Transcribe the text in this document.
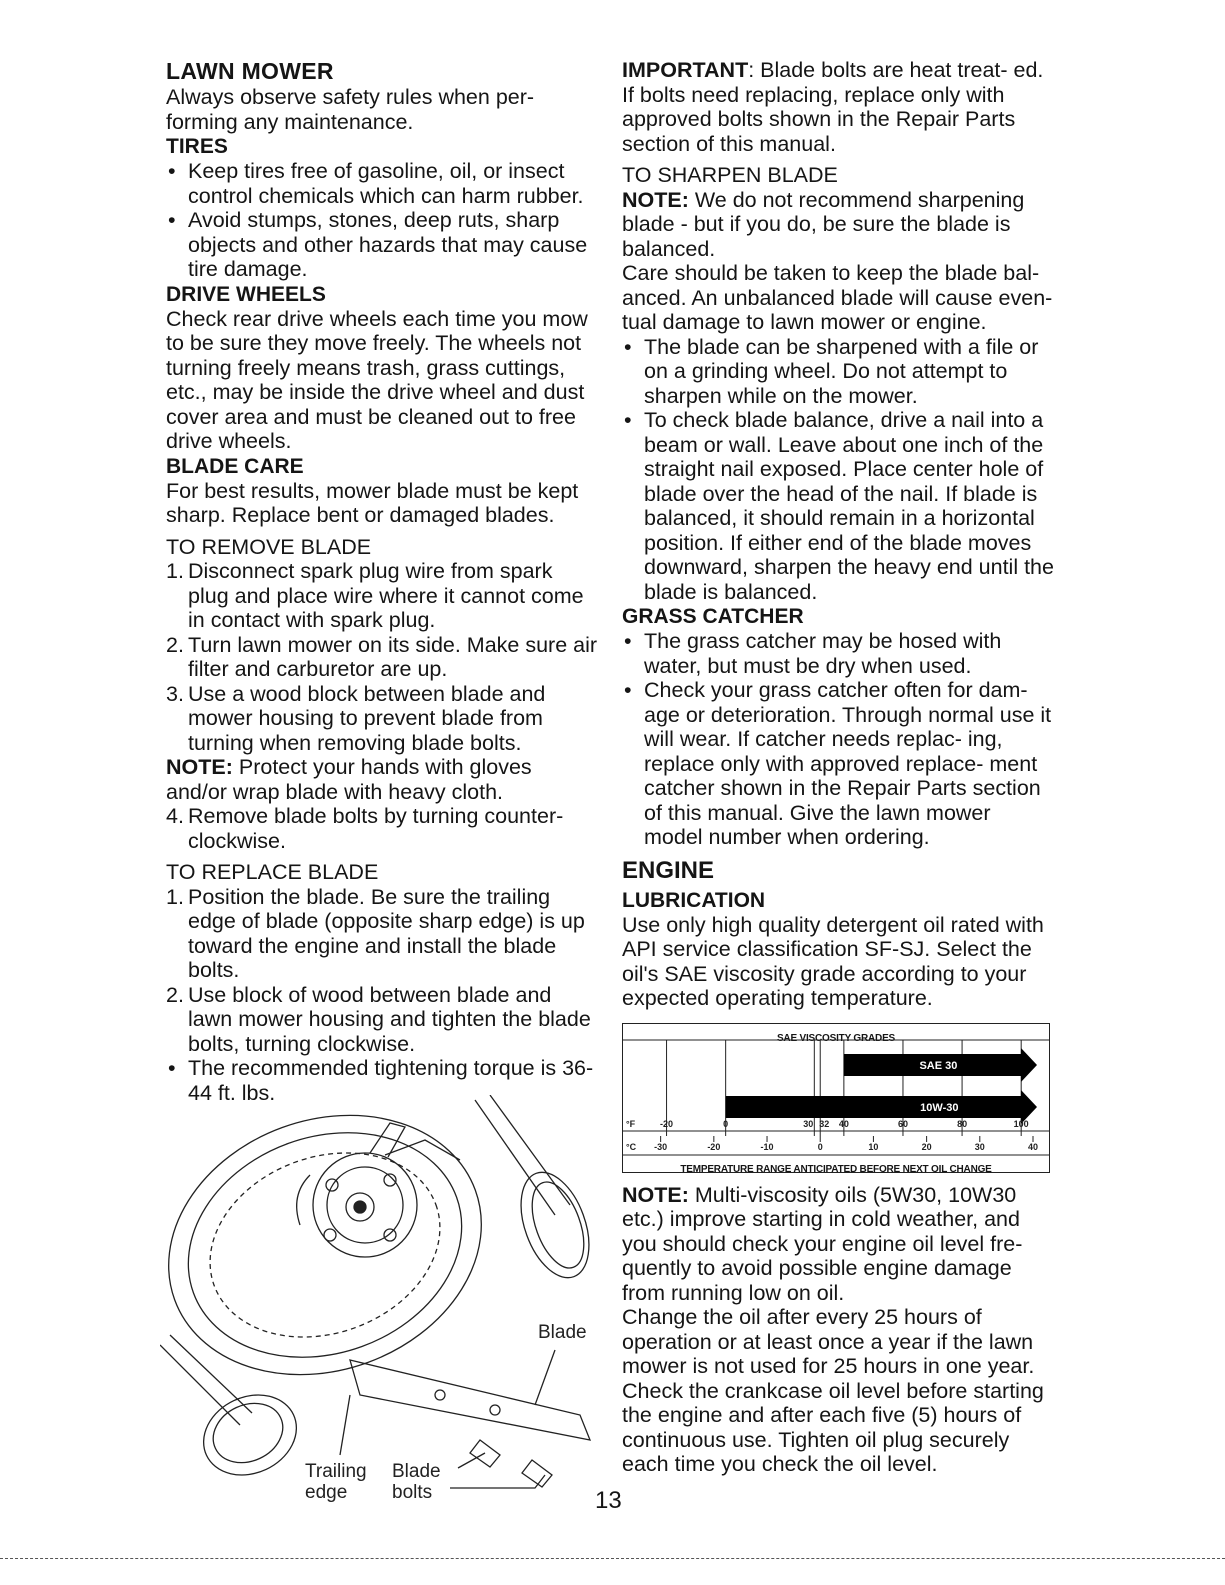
LAWN MOWER

Always observe safety rules when per- forming any maintenance.

TIRES

• Keep tires free of gasoline, oil, or insect control chemicals which can harm rubber.
• Avoid stumps, stones, deep ruts, sharp objects and other hazards that may cause tire damage.

DRIVE WHEELS

Check rear drive wheels each time you mow to be sure they move freely. The wheels not turning freely means trash, grass cuttings, etc., may be inside the drive wheel and dust cover area and must be cleaned out to free drive wheels.

BLADE CARE

For best results, mower blade must be kept sharp. Replace bent or damaged blades.

TO REMOVE BLADE

1. Disconnect spark plug wire from spark plug and place wire where it cannot come in contact with spark plug.
2. Turn lawn mower on its side. Make sure air filter and carburetor are up.
3. Use a wood block between blade and mower housing to prevent blade from turning when removing blade bolts.

NOTE: Protect your hands with gloves and/or wrap blade with heavy cloth.

4. Remove blade bolts by turning counter- clockwise.

TO REPLACE BLADE

1. Position the blade. Be sure the trailing edge of blade (opposite sharp edge) is up toward the engine and install the blade bolts.
2. Use block of wood between blade and lawn mower housing and tighten the blade bolts, turning clockwise.
• The recommended tightening torque is 36-44 ft. lbs.
Blade
Trailing
edge
Blade
bolts

IMPORTANT: Blade bolts are heat treat- ed. If bolts need replacing, replace only with approved bolts shown in the Repair Parts section of this manual.

TO SHARPEN BLADE

NOTE: We do not recommend sharpening blade - but if you do, be sure the blade is balanced.

Care should be taken to keep the blade bal- anced. An unbalanced blade will cause even- tual damage to lawn mower or engine.

• The blade can be sharpened with a file or on a grinding wheel. Do not attempt to sharpen while on the mower.
• To check blade balance, drive a nail into a beam or wall. Leave about one inch of the straight nail exposed. Place center hole of blade over the head of the nail. If blade is balanced, it should remain in a horizontal position. If either end of the blade moves downward, sharpen the heavy end until the blade is balanced.

GRASS CATCHER

• The grass catcher may be hosed with water, but must be dry when used.
• Check your grass catcher often for dam- age or deterioration. Through normal use it will wear. If catcher needs replac- ing, replace only with approved replace- ment catcher shown in the Repair Parts section of this manual. Give the lawn mower model number when ordering.

ENGINE

LUBRICATION

Use only high quality detergent oil rated with API service classification SF-SJ. Select the oil's SAE viscosity grade according to your expected operating temperature.

SAE VISCOSITY GRADES
SAE 30
10W-30
°F	-20	0	30 32 40	60	80	100
°C -30	-20	-10	0	10	20	30	40
TEMPERATURE RANGE ANTICIPATED BEFORE NEXT OIL CHANGE

NOTE: Multi-viscosity oils (5W30, 10W30 etc.) improve starting in cold weather, and you should check your engine oil level fre- quently to avoid possible engine damage from running low on oil.

Change the oil after every 25 hours of operation or at least once a year if the lawn mower is not used for 25 hours in one year.

Check the crankcase oil level before starting the engine and after each five (5) hours of continuous use. Tighten oil plug securely each time you check the oil level.

13
